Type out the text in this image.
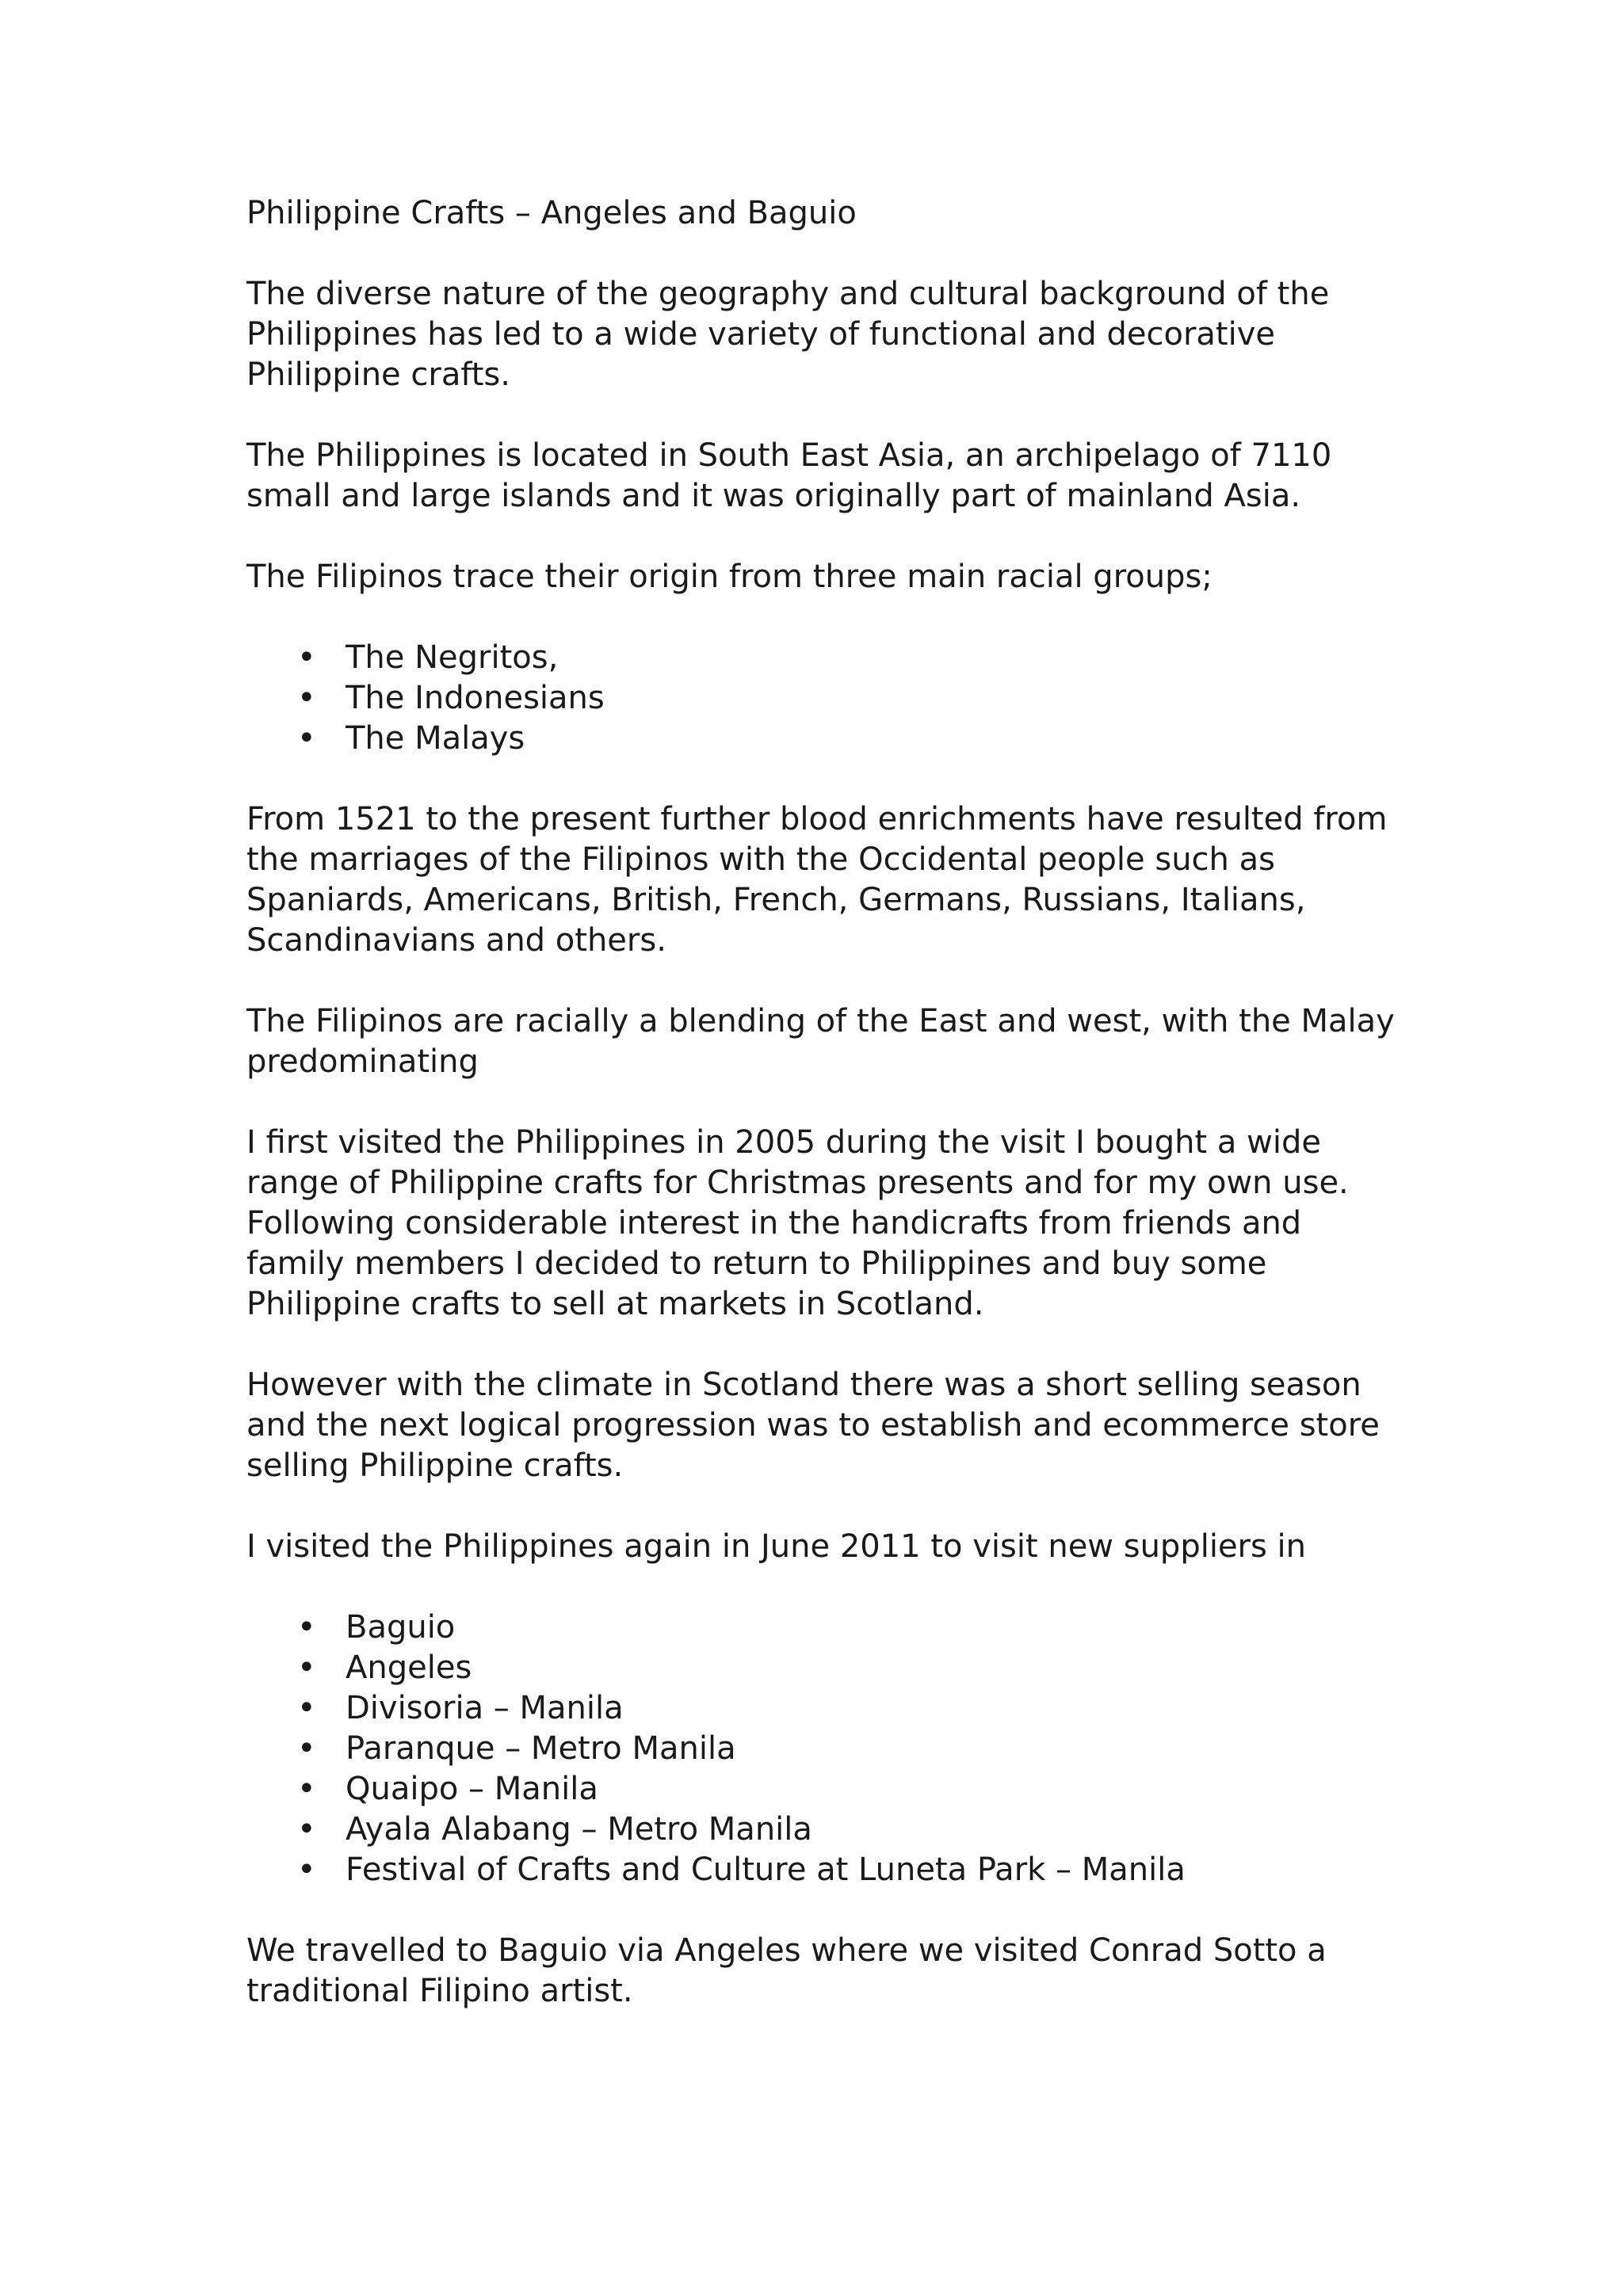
Philippine Crafts – Angeles and Baguio

The diverse nature of the geography and cultural background of the Philippines has led to a wide variety of functional and decorative Philippine crafts.

The Philippines is located in South East Asia, an archipelago of 7110 small and large islands and it was originally part of mainland Asia.

The Filipinos trace their origin from three main racial groups;

• The Negritos,
• The Indonesians
• The Malays

From 1521 to the present further blood enrichments have resulted from the marriages of the Filipinos with the Occidental people such as Spaniards, Americans, British, French, Germans, Russians, Italians, Scandinavians and others.

The Filipinos are racially a blending of the East and west, with the Malay predominating

I first visited the Philippines in 2005 during the visit I bought a wide range of Philippine crafts for Christmas presents and for my own use. Following considerable interest in the handicrafts from friends and family members I decided to return to Philippines and buy some Philippine crafts to sell at markets in Scotland.

However with the climate in Scotland there was a short selling season and the next logical progression was to establish and ecommerce store selling Philippine crafts.

I visited the Philippines again in June 2011 to visit new suppliers in

• Baguio
• Angeles
• Divisoria – Manila
• Paranque – Metro Manila
• Quaipo – Manila
• Ayala Alabang – Metro Manila
• Festival of Crafts and Culture at Luneta Park – Manila

We travelled to Baguio via Angeles where we visited Conrad Sotto a traditional Filipino artist.
